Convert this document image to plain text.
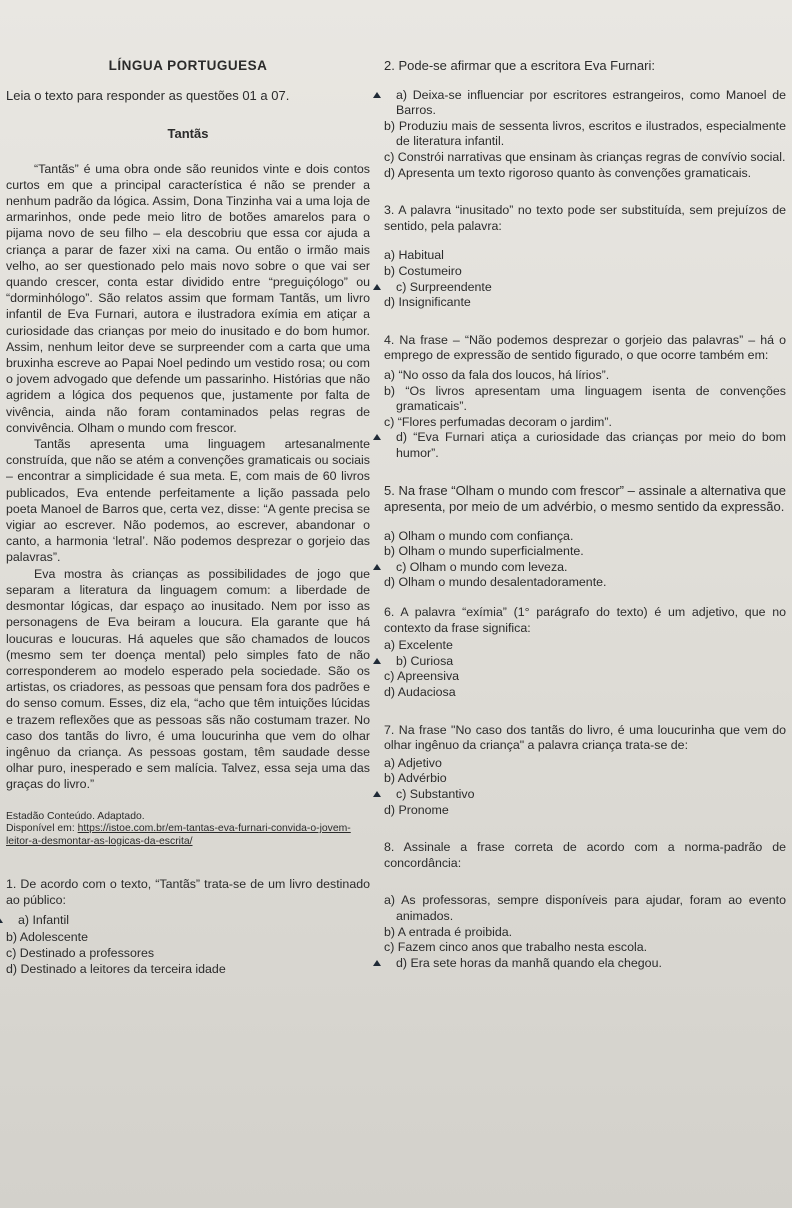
LÍNGUA PORTUGUESA

Leia o texto para responder as questões 01 a 07.

Tantãs

“Tantãs” é uma obra onde são reunidos vinte e dois contos curtos em que a principal característica é não se prender a nenhum padrão da lógica. Assim, Dona Tinzinha vai a uma loja de armarinhos, onde pede meio litro de botões amarelos para o pijama novo de seu filho – ela descobriu que essa cor ajuda a criança a parar de fazer xixi na cama. Ou então o irmão mais velho, ao ser questionado pelo mais novo sobre o que vai ser quando crescer, conta estar dividido entre “preguiçólogo” ou “dorminhólogo”. São relatos assim que formam Tantãs, um livro infantil de Eva Furnari, autora e ilustradora exímia em atiçar a curiosidade das crianças por meio do inusitado e do bom humor. Assim, nenhum leitor deve se surpreender com a carta que uma bruxinha escreve ao Papai Noel pedindo um vestido rosa; ou com o jovem advogado que defende um passarinho. Histórias que não agridem a lógica dos pequenos que, justamente por falta de vivência, ainda não foram contaminados pelas regras de convivência. Olham o mundo com frescor.

Tantãs apresenta uma linguagem artesanalmente construída, que não se atém a convenções gramaticais ou sociais – encontrar a simplicidade é sua meta. E, com mais de 60 livros publicados, Eva entende perfeitamente a lição passada pelo poeta Manoel de Barros que, certa vez, disse: “A gente precisa se vigiar ao escrever. Não podemos, ao escrever, abandonar o canto, a harmonia ‘letral’. Não podemos desprezar o gorjeio das palavras”.

Eva mostra às crianças as possibilidades de jogo que separam a literatura da linguagem comum: a liberdade de desmontar lógicas, dar espaço ao inusitado. Nem por isso as personagens de Eva beiram a loucura. Ela garante que há loucuras e loucuras. Há aqueles que são chamados de loucos (mesmo sem ter doença mental) pelo simples fato de não corresponderem ao modelo esperado pela sociedade. São os artistas, os criadores, as pessoas que pensam fora dos padrões e do senso comum. Esses, diz ela, “acho que têm intuições lúcidas e trazem reflexões que as pessoas sãs não costumam trazer. No caso dos tantãs do livro, é uma loucurinha que vem do olhar ingênuo da criança. As pessoas gostam, têm saudade desse olhar puro, inesperado e sem malícia. Talvez, essa seja uma das graças do livro.”

Estadão Conteúdo. Adaptado.
Disponível em: https://istoe.com.br/em-tantas-eva-furnari-convida-o-jovem-leitor-a-desmontar-as-logicas-da-escrita/

1. De acordo com o texto, “Tantãs” trata-se de um livro destinado ao público:

a) Infantil

b) Adolescente

c) Destinado a professores

d) Destinado a leitores da terceira idade

2. Pode-se afirmar que a escritora Eva Furnari:

a) Deixa-se influenciar por escritores estrangeiros, como Manoel de Barros.

b) Produziu mais de sessenta livros, escritos e ilustrados, especialmente de literatura infantil.

c) Constrói narrativas que ensinam às crianças regras de convívio social.

d) Apresenta um texto rigoroso quanto às convenções gramaticais.

3. A palavra “inusitado” no texto pode ser substituída, sem prejuízos de sentido, pela palavra:

a) Habitual

b) Costumeiro

c) Surpreendente

d) Insignificante

4. Na frase – “Não podemos desprezar o gorjeio das palavras” – há o emprego de expressão de sentido figurado, o que ocorre também em:

a) “No osso da fala dos loucos, há lírios”.

b) “Os livros apresentam uma linguagem isenta de convenções gramaticais”.

c) “Flores perfumadas decoram o jardim”.

d) “Eva Furnari atiça a curiosidade das crianças por meio do bom humor”.

5. Na frase “Olham o mundo com frescor” – assinale a alternativa que apresenta, por meio de um advérbio, o mesmo sentido da expressão.

a) Olham o mundo com confiança.

b) Olham o mundo superficialmente.

c) Olham o mundo com leveza.

d) Olham o mundo desalentadoramente.

6. A palavra “exímia” (1° parágrafo do texto) é um adjetivo, que no contexto da frase significa:

a) Excelente

b) Curiosa

c) Apreensiva

d) Audaciosa

7. Na frase "No caso dos tantãs do livro, é uma loucurinha que vem do olhar ingênuo da criança" a palavra criança trata-se de:

a) Adjetivo

b) Advérbio

c) Substantivo

d) Pronome

8. Assinale a frase correta de acordo com a norma-padrão de concordância:

a) As professoras, sempre disponíveis para ajudar, foram ao evento animados.

b) A entrada é proibida.

c) Fazem cinco anos que trabalho nesta escola.

d) Era sete horas da manhã quando ela chegou.
